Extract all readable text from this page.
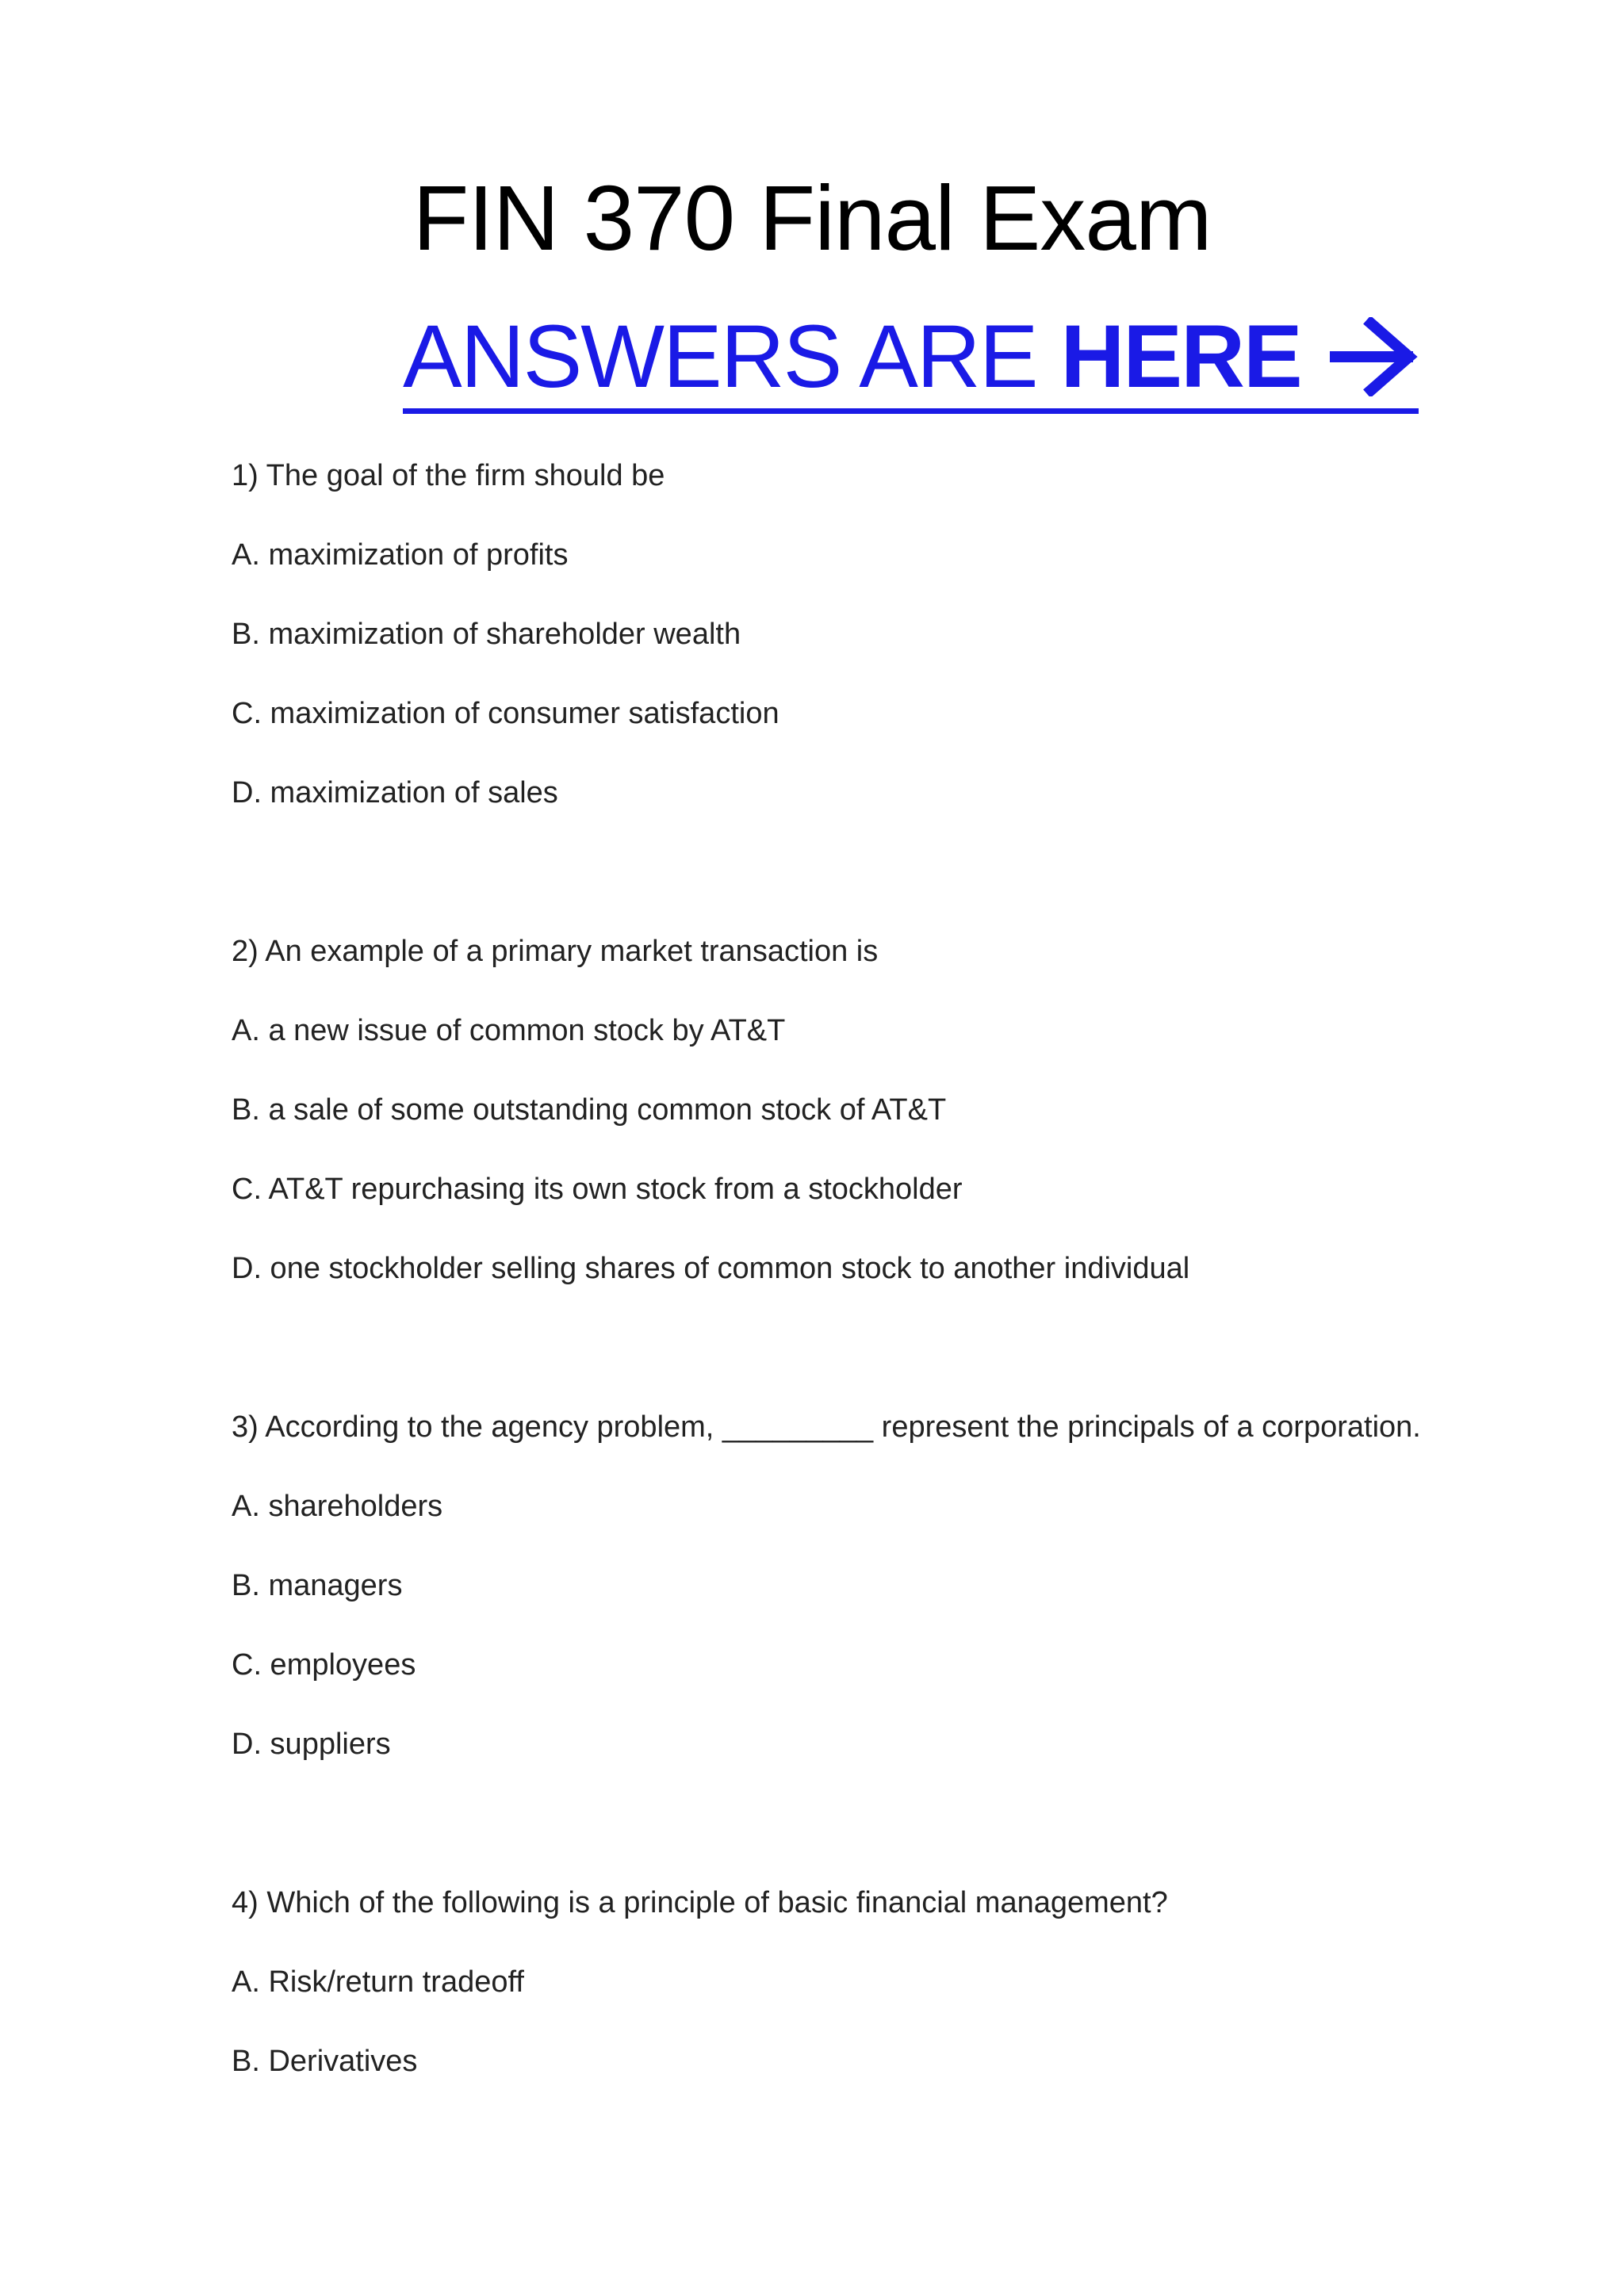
FIN 370 Final Exam
ANSWERS ARE HERE
1) The goal of the firm should be
A. maximization of profits
B. maximization of shareholder wealth
C. maximization of consumer satisfaction
D. maximization of sales
2) An example of a primary market transaction is
A. a new issue of common stock by AT&T
B. a sale of some outstanding common stock of AT&T
C. AT&T repurchasing its own stock from a stockholder
D. one stockholder selling shares of common stock to another individual
3) According to the agency problem, _________ represent the principals of a corporation.
A. shareholders
B. managers
C. employees
D. suppliers
4) Which of the following is a principle of basic financial management?
A. Risk/return tradeoff
B. Derivatives
